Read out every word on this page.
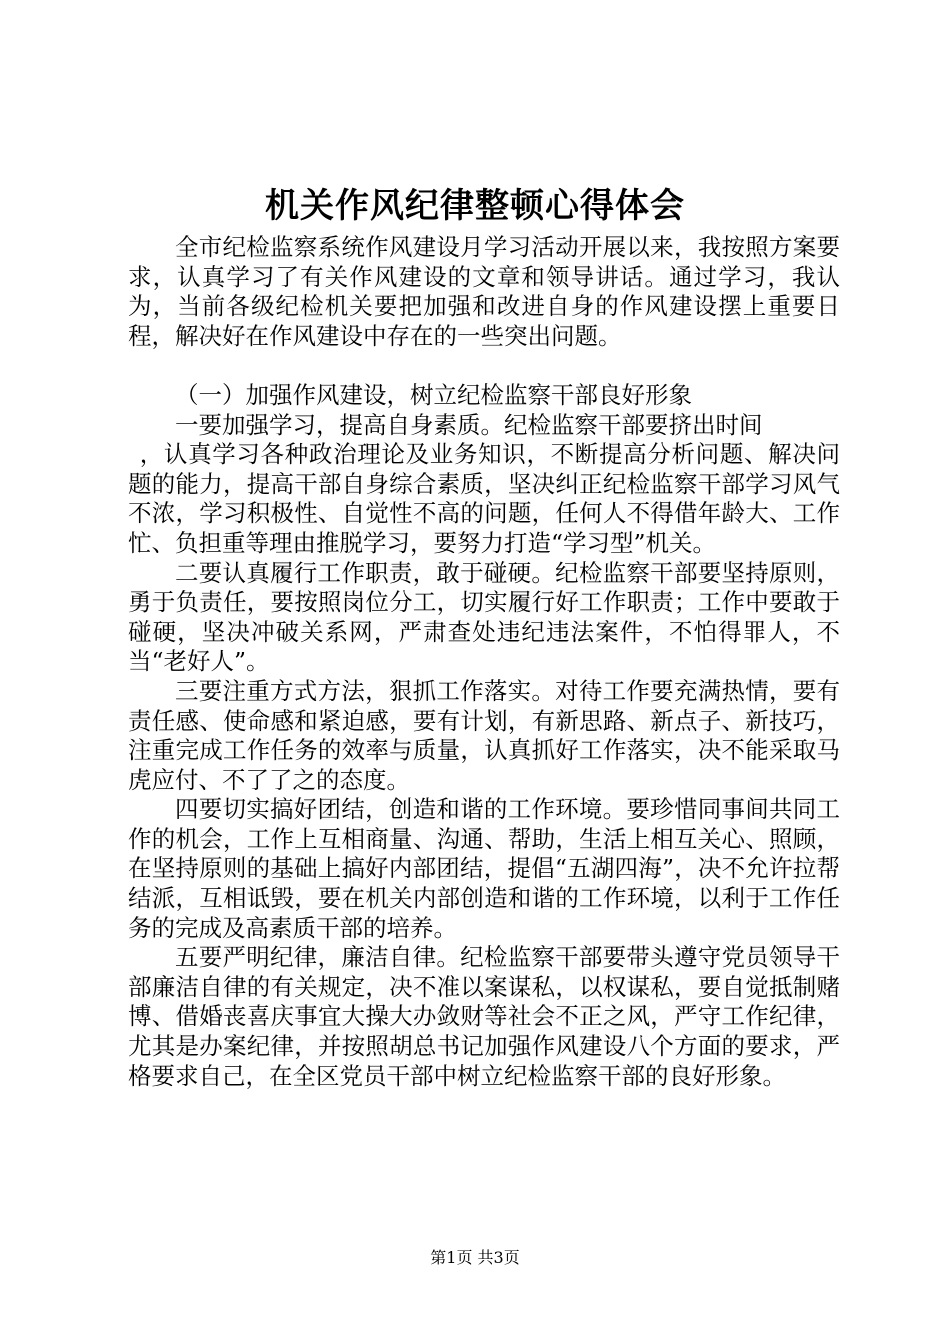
机关作风纪律整顿心得体会

全市纪检监察系统作风建设月学习活动开展以来，我按照方案要求，认真学习了有关作风建设的文章和领导讲话。通过学习，我认为，当前各级纪检机关要把加强和改进自身的作风建设摆上重要日程，解决好在作风建设中存在的一些突出问题。

（一）加强作风建设，树立纪检监察干部良好形象

一要加强学习，提高自身素质。纪检监察干部要挤出时间

，认真学习各种政治理论及业务知识，不断提高分析问题、解决问题的能力，提高干部自身综合素质，坚决纠正纪检监察干部学习风气不浓，学习积极性、自觉性不高的问题，任何人不得借年龄大、工作忙、负担重等理由推脱学习，要努力打造“学习型”机关。

二要认真履行工作职责，敢于碰硬。纪检监察干部要坚持原则，勇于负责任，要按照岗位分工，切实履行好工作职责；工作中要敢于碰硬，坚决冲破关系网，严肃查处违纪违法案件，不怕得罪人，不当“老好人”。

三要注重方式方法，狠抓工作落实。对待工作要充满热情，要有责任感、使命感和紧迫感，要有计划，有新思路、新点子、新技巧，注重完成工作任务的效率与质量，认真抓好工作落实，决不能采取马虎应付、不了了之的态度。

四要切实搞好团结，创造和谐的工作环境。要珍惜同事间共同工作的机会，工作上互相商量、沟通、帮助，生活上相互关心、照顾，在坚持原则的基础上搞好内部团结，提倡“五湖四海”，决不允许拉帮结派，互相诋毁，要在机关内部创造和谐的工作环境，以利于工作任务的完成及高素质干部的培养。

五要严明纪律，廉洁自律。纪检监察干部要带头遵守党员领导干部廉洁自律的有关规定，决不准以案谋私，以权谋私，要自觉抵制赌博、借婚丧喜庆事宜大操大办敛财等社会不正之风，严守工作纪律，尤其是办案纪律，并按照胡总书记加强作风建设八个方面的要求，严格要求自己，在全区党员干部中树立纪检监察干部的良好形象。

第1页 共3页
